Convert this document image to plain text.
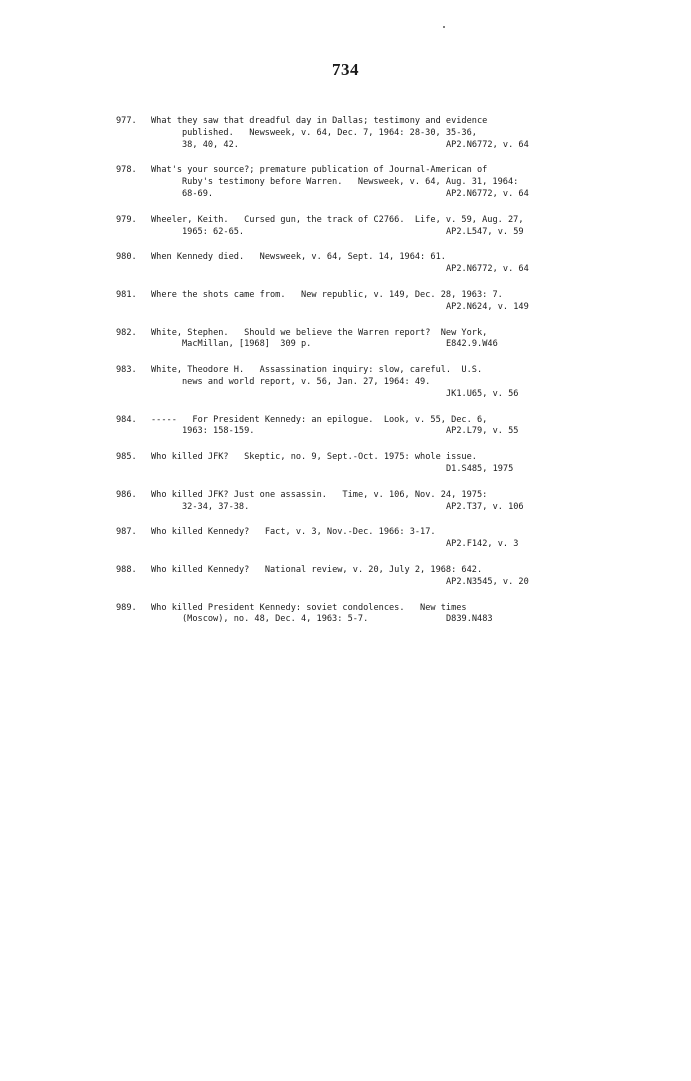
734
977.	What they saw that dreadful day in Dallas; testimony and evidence
published.   Newsweek, v. 64, Dec. 7, 1964: 28-30, 35-36,
38, 40, 42.	AP2.N6772, v. 64
978.	What's your source?; premature publication of Journal-American of
Ruby's testimony before Warren.   Newsweek, v. 64, Aug. 31, 1964:
68-69.	AP2.N6772, v. 64
979.	Wheeler, Keith.   Cursed gun, the track of C2766.  Life, v. 59, Aug. 27,
1965: 62-65.	AP2.L547, v. 59
980.	When Kennedy died.   Newsweek, v. 64, Sept. 14, 1964: 61.
AP2.N6772, v. 64
981.	Where the shots came from.   New republic, v. 149, Dec. 28, 1963: 7.
AP2.N624, v. 149
982.	White, Stephen.   Should we believe the Warren report?  New York,
MacMillan, [1968]  309 p.	E842.9.W46
983.	White, Theodore H.   Assassination inquiry: slow, careful.  U.S.
news and world report, v. 56, Jan. 27, 1964: 49.
JK1.U65, v. 56
984.	-----   For President Kennedy: an epilogue.  Look, v. 55, Dec. 6,
1963: 158-159.	AP2.L79, v. 55
985.	Who killed JFK?   Skeptic, no. 9, Sept.-Oct. 1975: whole issue.
D1.S485, 1975
986.	Who killed JFK? Just one assassin.   Time, v. 106, Nov. 24, 1975:
32-34, 37-38.	AP2.T37, v. 106
987.	Who killed Kennedy?   Fact, v. 3, Nov.-Dec. 1966: 3-17.
AP2.F142, v. 3
988.	Who killed Kennedy?   National review, v. 20, July 2, 1968: 642.
AP2.N3545, v. 20
989.	Who killed President Kennedy: soviet condolences.   New times
(Moscow), no. 48, Dec. 4, 1963: 5-7.	D839.N483
